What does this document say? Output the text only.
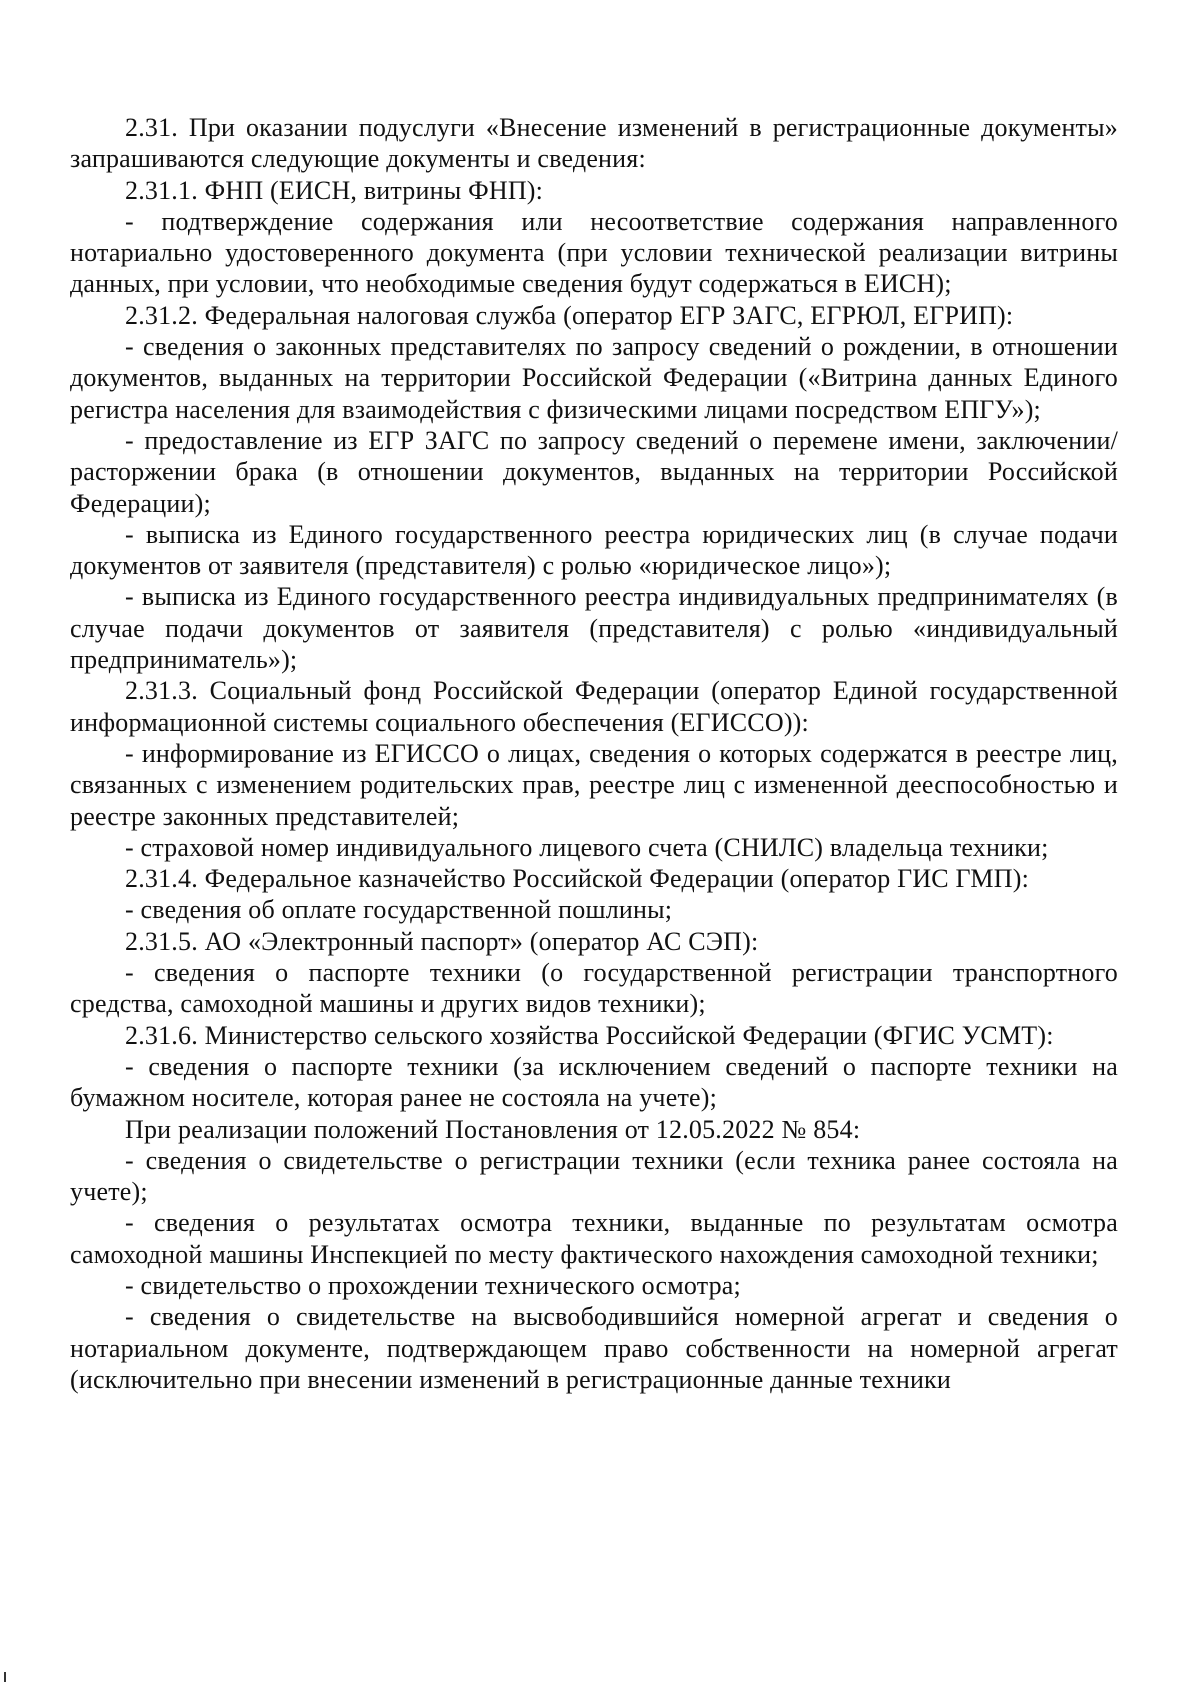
2.31. При оказании подуслуги «Внесение изменений в регистрационные документы» запрашиваются следующие документы и сведения:

2.31.1. ФНП (ЕИСН, витрины ФНП):

- подтверждение содержания или несоответствие содержания направленного нотариально удостоверенного документа (при условии технической реализации витрины данных, при условии, что необходимые сведения будут содержаться в ЕИСН);

2.31.2. Федеральная налоговая служба (оператор ЕГР ЗАГС, ЕГРЮЛ, ЕГРИП):

- сведения о законных представителях по запросу сведений о рождении, в отношении документов, выданных на территории Российской Федерации («Витрина данных Единого регистра населения для взаимодействия с физическими лицами посредством ЕПГУ»);

- предоставление из ЕГР ЗАГС по запросу сведений о перемене имени, заключении/расторжении брака (в отношении документов, выданных на территории Российской Федерации);

- выписка из Единого государственного реестра юридических лиц (в случае подачи документов от заявителя (представителя) с ролью «юридическое лицо»);

- выписка из Единого государственного реестра индивидуальных предпринимателях (в случае подачи документов от заявителя (представителя) с ролью «индивидуальный предприниматель»);

2.31.3. Социальный фонд Российской Федерации (оператор Единой государственной информационной системы социального обеспечения (ЕГИССО)):

- информирование из ЕГИССО о лицах, сведения о которых содержатся в реестре лиц, связанных с изменением родительских прав, реестре лиц с измененной дееспособностью и реестре законных представителей;

- страховой номер индивидуального лицевого счета (СНИЛС) владельца техники;

2.31.4. Федеральное казначейство Российской Федерации (оператор ГИС ГМП):

- сведения об оплате государственной пошлины;

2.31.5. АО «Электронный паспорт» (оператор АС СЭП):

- сведения о паспорте техники (о государственной регистрации транспортного средства, самоходной машины и других видов техники);

2.31.6. Министерство сельского хозяйства Российской Федерации (ФГИС УСМТ):

- сведения о паспорте техники (за исключением сведений о паспорте техники на бумажном носителе, которая ранее не состояла на учете);

При реализации положений Постановления от 12.05.2022 № 854:

- сведения о свидетельстве о регистрации техники (если техника ранее состояла на учете);

- сведения о результатах осмотра техники, выданные по результатам осмотра самоходной машины Инспекцией по месту фактического нахождения самоходной техники;

- свидетельство о прохождении технического осмотра;

- сведения о свидетельстве на высвободившийся номерной агрегат и сведения о нотариальном документе, подтверждающем право собственности на номерной агрегат (исключительно при внесении изменений в регистрационные данные техники
